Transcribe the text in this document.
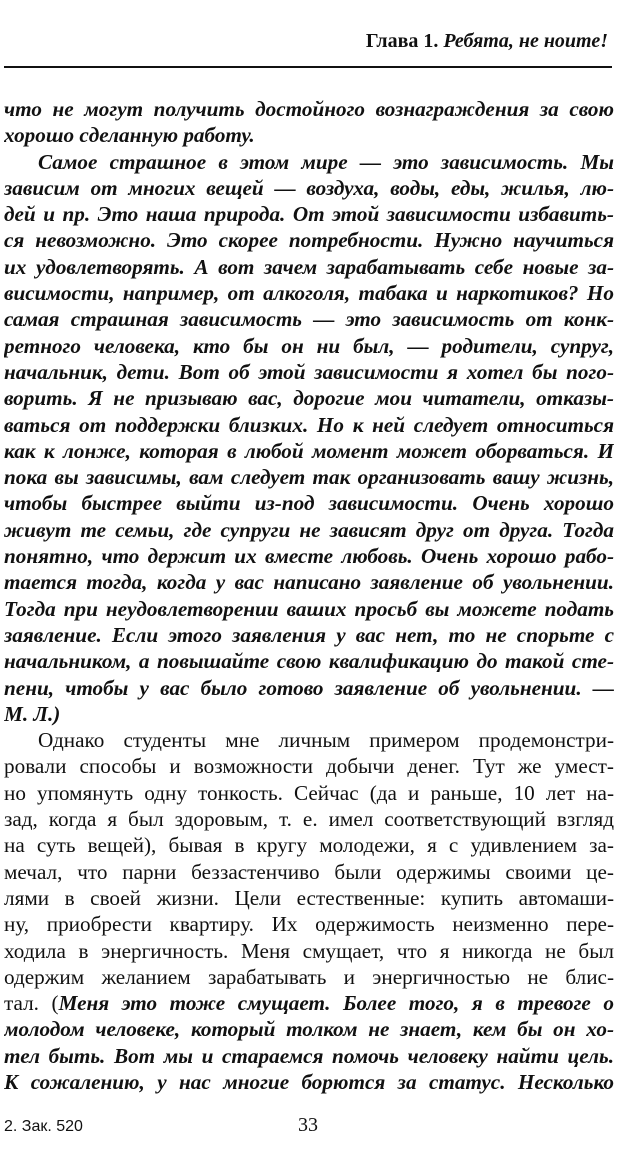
Глава 1. Ребята, не ноите!
что не могут получить достойного вознаграждения за свою
хорошо сделанную работу.
Самое страшное в этом мире — это зависимость. Мы
зависим от многих вещей — воздуха, воды, еды, жилья, лю-
дей и пр. Это наша природа. От этой зависимости избавить-
ся невозможно. Это скорее потребности. Нужно научиться
их удовлетворять. А вот зачем зарабатывать себе новые за-
висимости, например, от алкоголя, табака и наркотиков? Но
самая страшная зависимость — это зависимость от конк-
ретного человека, кто бы он ни был, — родители, супруг,
начальник, дети. Вот об этой зависимости я хотел бы пого-
ворить. Я не призываю вас, дорогие мои читатели, отказы-
ваться от поддержки близких. Но к ней следует относиться
как к лонже, которая в любой момент может оборваться. И
пока вы зависимы, вам следует так организовать вашу жизнь,
чтобы быстрее выйти из-под зависимости. Очень хорошо
живут те семьи, где супруги не зависят друг от друга. Тогда
понятно, что держит их вместе любовь. Очень хорошо рабо-
тается тогда, когда у вас написано заявление об увольнении.
Тогда при неудовлетворении ваших просьб вы можете подать
заявление. Если этого заявления у вас нет, то не спорьте с
начальником, а повышайте свою квалификацию до такой сте-
пени, чтобы у вас было готово заявление об увольнении. —
М. Л.)
Однако студенты мне личным примером продемонстри-
ровали способы и возможности добычи денег. Тут же умест-
но упомянуть одну тонкость. Сейчас (да и раньше, 10 лет на-
зад, когда я был здоровым, т. е. имел соответствующий взгляд
на суть вещей), бывая в кругу молодежи, я с удивлением за-
мечал, что парни беззастенчиво были одержимы своими це-
лями в своей жизни. Цели естественные: купить автомаши-
ну, приобрести квартиру. Их одержимость неизменно пере-
ходила в энергичность. Меня смущает, что я никогда не был
одержим желанием зарабатывать и энергичностью не блис-
тал. (Меня это тоже смущает. Более того, я в тревоге о
молодом человеке, который толком не знает, кем бы он хо-
тел быть. Вот мы и стараемся помочь человеку найти цель.
К сожалению, у нас многие борются за статус. Несколько
2. Зак. 520	33
